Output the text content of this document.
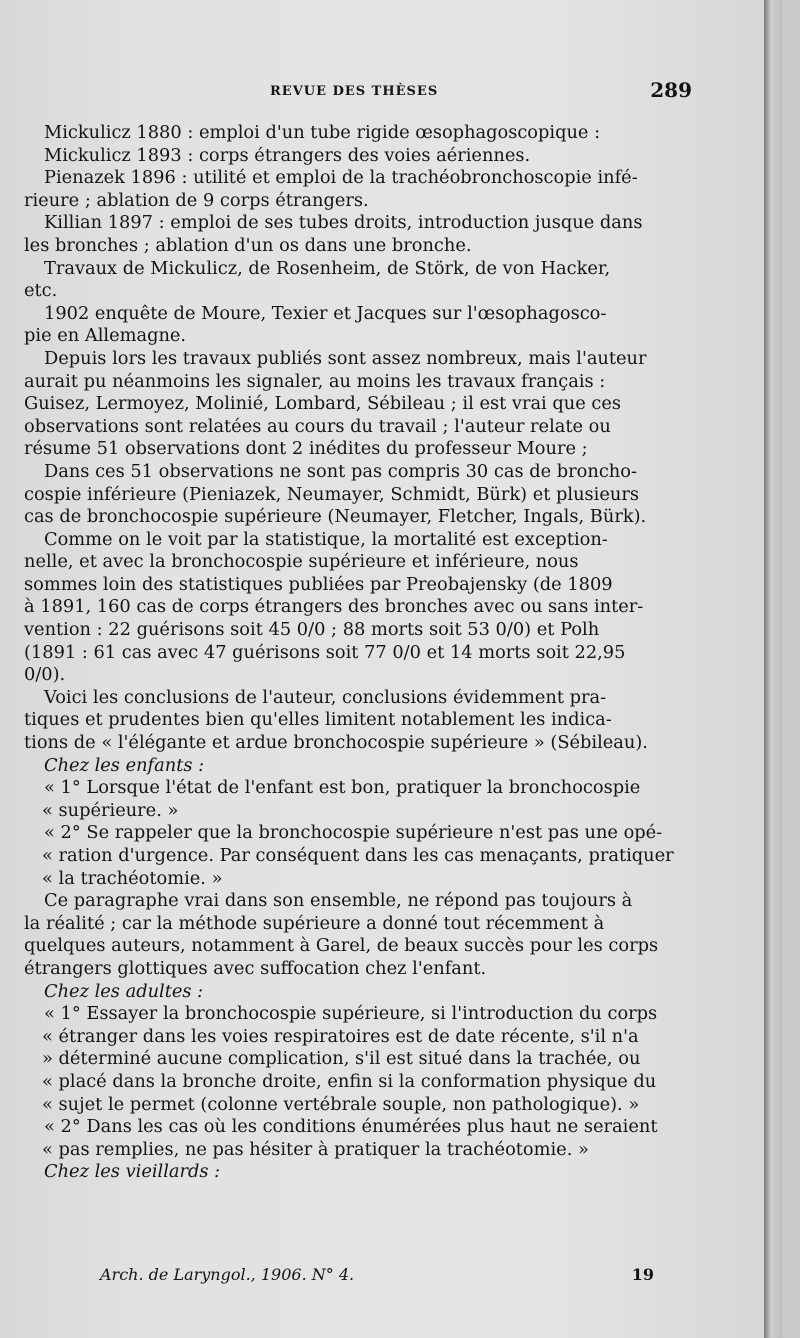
REVUE DES THÈSES	289
Mickulicz 1880 : emploi d'un tube rigide œsophagoscopique :
Mickulicz 1893 : corps étrangers des voies aériennes.
Pienazek 1896 : utilité et emploi de la trachéobronchoscopie infé-
rieure ; ablation de 9 corps étrangers.
Killian 1897 : emploi de ses tubes droits, introduction jusque dans
les bronches ; ablation d'un os dans une bronche.
Travaux de Mickulicz, de Rosenheim, de Störk, de von Hacker,
etc.
1902 enquête de Moure, Texier et Jacques sur l'œsophagosco-
pie en Allemagne.
Depuis lors les travaux publiés sont assez nombreux, mais l'auteur
aurait pu néanmoins les signaler, au moins les travaux français :
Guisez, Lermoyez, Molinié, Lombard, Sébileau ; il est vrai que ces
observations sont relatées au cours du travail ; l'auteur relate ou
résume 51 observations dont 2 inédites du professeur Moure ;
Dans ces 51 observations ne sont pas compris 30 cas de broncho-
cospie inférieure (Pieniazek, Neumayer, Schmidt, Bürk) et plusieurs
cas de bronchocospie supérieure (Neumayer, Fletcher, Ingals, Bürk).
Comme on le voit par la statistique, la mortalité est exception-
nelle, et avec la bronchocospie supérieure et inférieure, nous
sommes loin des statistiques publiées par Preobajensky (de 1809
à 1891, 160 cas de corps étrangers des bronches avec ou sans inter-
vention : 22 guérisons soit 45 0/0 ; 88 morts soit 53 0/0) et Polh
(1891 : 61 cas avec 47 guérisons soit 77 0/0 et 14 morts soit 22,95
0/0).
Voici les conclusions de l'auteur, conclusions évidemment pra-
tiques et prudentes bien qu'elles limitent notablement les indica-
tions de « l'élégante et ardue bronchocospie supérieure » (Sébileau).
Chez les enfants :
« 1° Lorsque l'état de l'enfant est bon, pratiquer la bronchocospie
« supérieure. »
« 2° Se rappeler que la bronchocospie supérieure n'est pas une opé-
« ration d'urgence. Par conséquent dans les cas menaçants, pratiquer
« la trachéotomie. »
Ce paragraphe vrai dans son ensemble, ne répond pas toujours à
la réalité ; car la méthode supérieure a donné tout récemment à
quelques auteurs, notamment à Garel, de beaux succès pour les corps
étrangers glottiques avec suffocation chez l'enfant.
Chez les adultes :
« 1° Essayer la bronchocospie supérieure, si l'introduction du corps
« étranger dans les voies respiratoires est de date récente, s'il n'a
» déterminé aucune complication, s'il est situé dans la trachée, ou
« placé dans la bronche droite, enfin si la conformation physique du
« sujet le permet (colonne vertébrale souple, non pathologique). »
« 2° Dans les cas où les conditions énumérées plus haut ne seraient
« pas remplies, ne pas hésiter à pratiquer la trachéotomie. »
Chez les vieillards :
Arch. de Laryngol., 1906. N° 4.	19
